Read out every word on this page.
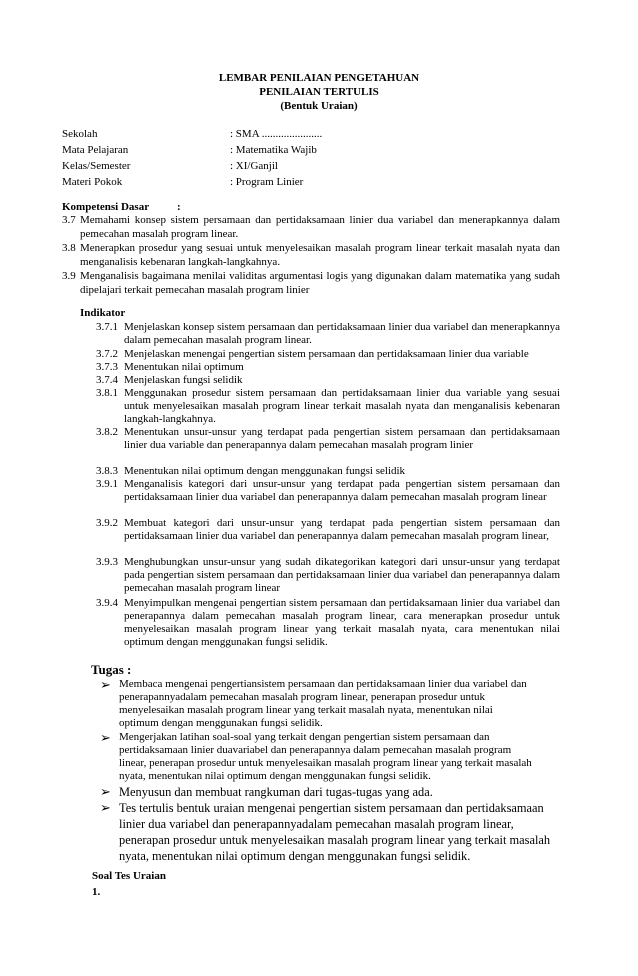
LEMBAR PENILAIAN PENGETAHUAN
PENILAIAN TERTULIS
(Bentuk Uraian)
Sekolah	: SMA ......................
Mata Pelajaran	: Matematika Wajib
Kelas/Semester	: XI/Ganjil
Materi Pokok	: Program Linier
Kompetensi Dasar	:
3.7 Memahami konsep sistem persamaan dan pertidaksamaan linier dua variabel dan menerapkannya dalam pemecahan masalah program linear.
3.8 Menerapkan prosedur yang sesuai untuk menyelesaikan masalah program linear terkait masalah nyata dan menganalisis kebenaran langkah-langkahnya.
3.9 Menganalisis bagaimana menilai validitas argumentasi logis yang digunakan dalam matematika yang sudah dipelajari terkait pemecahan masalah program linier
Indikator
3.7.1 Menjelaskan konsep sistem persamaan dan pertidaksamaan linier dua variabel dan menerapkannya dalam pemecahan masalah program linear.
3.7.2 Menjelaskan menengai pengertian sistem persamaan dan pertidaksamaan linier dua variable
3.7.3 Menentukan nilai optimum
3.7.4 Menjelaskan fungsi selidik
3.8.1 Menggunakan prosedur sistem persamaan dan pertidaksamaan linier dua variable yang sesuai untuk menyelesaikan masalah program linear terkait masalah nyata dan menganalisis kebenaran langkah-langkahnya.
3.8.2 Menentukan unsur-unsur yang terdapat pada pengertian sistem persamaan dan pertidaksamaan linier dua variable dan penerapannya dalam pemecahan masalah program linier
3.8.3 Menentukan nilai optimum dengan menggunakan fungsi selidik
3.9.1 Menganalisis kategori dari unsur-unsur yang terdapat pada pengertian sistem persamaan dan pertidaksamaan linier dua variabel dan penerapannya dalam pemecahan masalah program linear
3.9.2 Membuat kategori dari unsur-unsur yang terdapat pada pengertian sistem persamaan dan pertidaksamaan linier dua variabel dan penerapannya dalam pemecahan masalah program linear,
3.9.3 Menghubungkan unsur-unsur yang sudah dikategorikan kategori dari unsur-unsur yang terdapat pada pengertian sistem persamaan dan pertidaksamaan linier dua variabel dan penerapannya dalam pemecahan masalah program linear
3.9.4 Menyimpulkan mengenai pengertian sistem persamaan dan pertidaksamaan linier dua variabel dan penerapannya dalam pemecahan masalah program linear, cara menerapkan prosedur untuk menyelesaikan masalah program linear yang terkait masalah nyata, cara menentukan nilai optimum dengan menggunakan fungsi selidik.
Tugas :
➢ Membaca mengenai pengertiansistem persamaan dan pertidaksamaan linier dua variabel dan penerapannyadalam pemecahan masalah program linear, penerapan prosedur untuk menyelesaikan masalah program linear yang terkait masalah nyata, menentukan nilai optimum dengan menggunakan fungsi selidik.
➢ Mengerjakan latihan soal-soal yang terkait dengan pengertian sistem persamaan dan pertidaksamaan linier duavariabel dan penerapannya dalam pemecahan masalah program linear, penerapan prosedur untuk menyelesaikan masalah program linear yang terkait masalah nyata, menentukan nilai optimum dengan menggunakan fungsi selidik.
➢ Menyusun dan membuat rangkuman dari tugas-tugas yang ada.
➢ Tes tertulis bentuk uraian mengenai pengertian sistem persamaan dan pertidaksamaan linier dua variabel dan penerapannyadalam pemecahan masalah program linear, penerapan prosedur untuk menyelesaikan masalah program linear yang terkait masalah nyata, menentukan nilai optimum dengan menggunakan fungsi selidik.
Soal Tes Uraian
1.
